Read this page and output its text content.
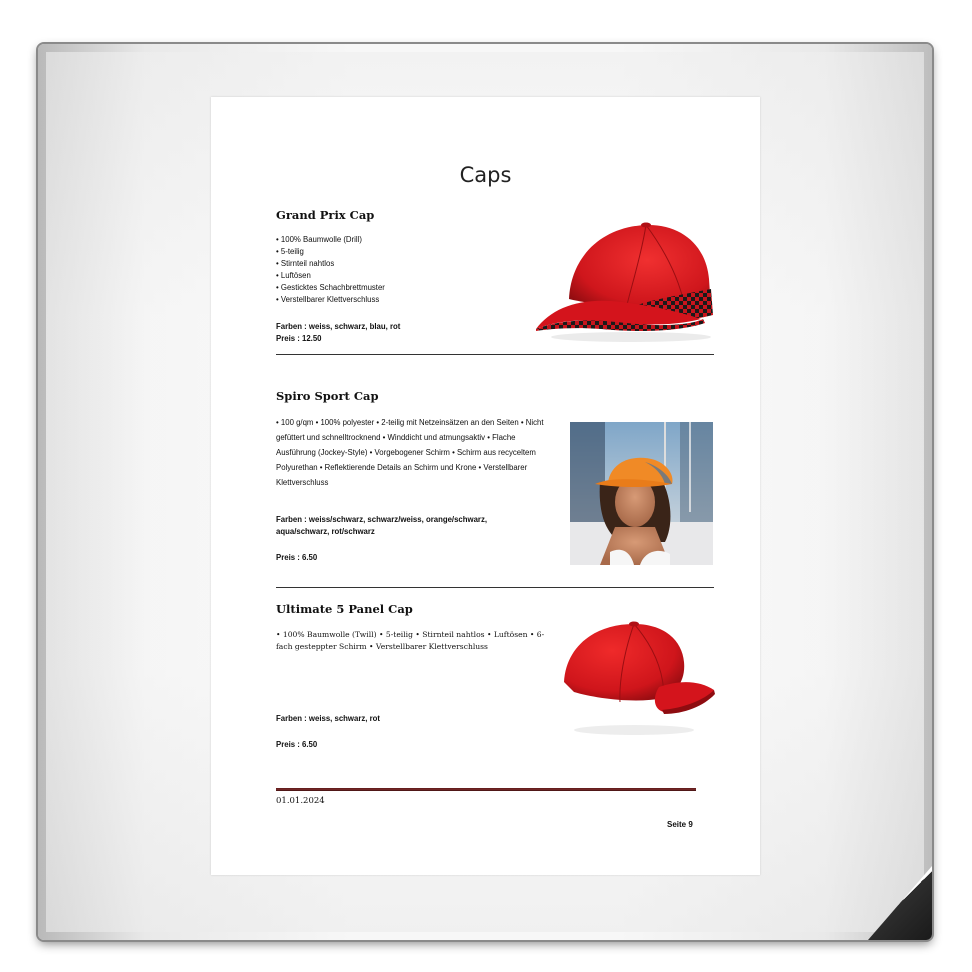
Caps
Grand Prix Cap
• 100% Baumwolle (Drill)
• 5-teilig
• Stirnteil nahtlos
• Luftösen
• Gesticktes Schachbrettmuster
• Verstellbarer Klettverschluss
Farben : weiss, schwarz, blau, rot
Preis : 12.50
Spiro Sport Cap
• 100 g/qm • 100% polyester • 2-teilig mit Netzeinsätzen an den Seiten • Nicht gefüttert und schnelltrocknend • Winddicht und atmungsaktiv • Flache Ausführung (Jockey-Style) • Vorgebogener Schirm • Schirm aus recyceltem Polyurethan • Reflektierende Details an Schirm und Krone • Verstellbarer Klettverschluss
Farben : weiss/schwarz, schwarz/weiss, orange/schwarz, aqua/schwarz, rot/schwarz
Preis : 6.50
Ultimate 5 Panel Cap
• 100% Baumwolle (Twill) • 5-teilig • Stirnteil nahtlos • Luftösen • 6-fach gesteppter Schirm • Verstellbarer Klettverschluss
Farben : weiss, schwarz, rot
Preis : 6.50
01.01.2024
Seite 9
